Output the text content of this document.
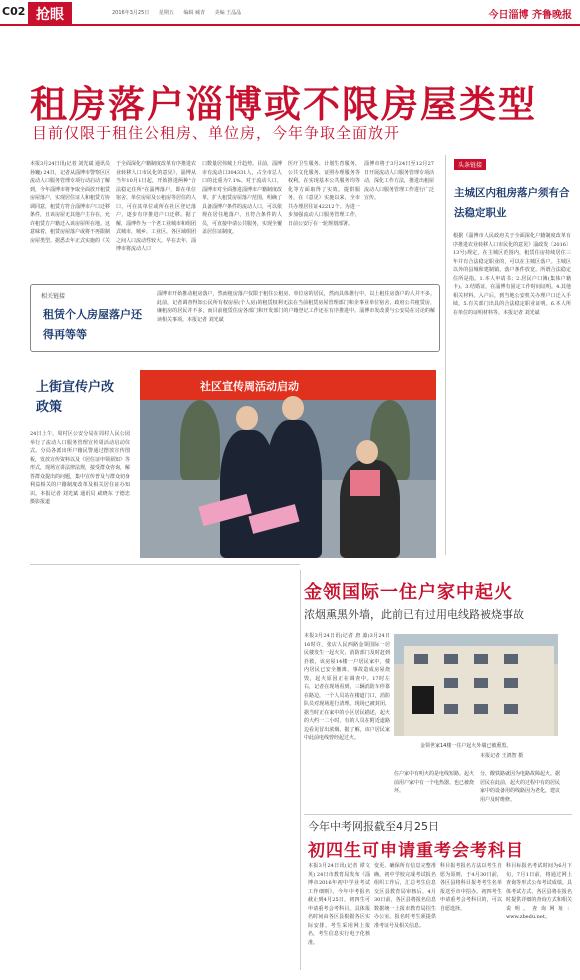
C02 抢眼	2016年3月25日 星期五 编辑 臧青 美编 王晶晶	今日淄博 齐鲁晚报
租房落户淄博或不限房屋类型
目前仅限于租住公租房、单位房，今年争取全面放开
本报3月24日讯(记者 刘光斌 通讯员 孙巍) 24日，记者从淄博市警察区区流动人口服务管理专项行动启动了解到，今年淄博市将争取全面放开租赁房屋落户，实现居住证人和租赁方协调同意，租赁方符合淄博市户口迁移条件，且该房屋无其他户主存在，允许租赁方户籍迁入该房屋所在地。这意味着，租赁房屋落户或将不再限制房屋类型。据悉去年正式实施的《关
于全面深化户籍制度改革有序推进农业转移人口市民化的意见》，淄博从当年10月1日起，开始推进两种"合法稳定住所"在淄博落户，即在单位宿舍、单位房屋及公租房等居住的人口，可在其单位或所在社区登记落户，逐步有序推进户口迁移。据了解，淄博作为一个老工业城市和组团式城市，城乡、工业区、各区域组团之间人口流动性较大。早在去年，淄博市将流动人口
口数量居伟城上升趋势。目前，淄博市有流动口304331人，占全市总人口的比重为7.1%。对于流动人口，淄博市对全面推进淄博市户籍制度改革，扩大租赁房屋落户范围，明确了具备淄博户条件的流动人口，可以依规在居住地落户。且符合条件的人员，可直接申请公共服务，实现全覆盖居住证制度。
医疗卫生服务、计划生育服务、公共文化服务、证照办理服务等权利。在实现基本公共服务均等化等方面取得了实效。提供服务，在《意见》实施以来，全市共办理居住证42212个。为进一步加强流动人口服务管理工作，日前公安厅在一轮规划部署。
淄博市将于3月24日至12月27日开展流动人口服务管理专项活动，深化工作方法，推进出租屋流动人口服务管理工作进行广泛宣传。
头条链接
主城区内租房落户须有合法稳定职业
根据《淄博市人民政府关于全面深化户籍制度改革有序推进农业转移人口市民化的意见》淄政发〔2016〕13号)规定，在主城区范围内，租赁住房持续居住三年并有合法稳定职业的，可以在主城区落户。主城区以外的县城和建制镇，落户条件放宽。所谓合法稳定住所是指。1.本人申请书；2.居民户口簿(集体户籍卡)。3.结婚证，在淄博有固定工作时间证明。4.其他相关材料。入户后，到当地公安机关办理户口迁入手续。5.有关部门出具的合法稳定职业证明。6.本人所在单位的证明材料等。本报记者 刘光斌
相关链接
租赁个人房屋落户还得再等等
淄博市开始推动租房落户，然而租房落户仅限于租住公租房、单位房的居民，然而具体推行中，以上租住房落户的人并不多。此前，记者调查得知公民所有权房屋(个人房)的租赁权利无法在当前租赁房屋管理部门和企事业单位宿舍，政府公共租赁房，廉租房的居民并不多，而目前租赁住房各部门和开发部门的户籍登记工作还在有序推进中。淄博市发改委与公安局在讨论的解读相关事项。本报记者 刘光斌
上街宣传户改政策
24日上午，周村区公安分局在周村人民公园举行了流动人口服务管理宣传周活动启动仪式。分局各派出所户籍民警通过摆放宣传图板，发放宣传资料以及《居住证申领须知》等形式，现场宣讲法律法规，接受群众咨询，解答群众提出的问题，集中宣传普及与群众切身利益相关的户籍制度改革及相关居住证办知识。本报记者 刘光斌 通讯员 咸晓东 于德忠 摄影报道
社区宣传周活动启动
金领国际一住户家中起火
浓烟熏黑外墙，此前已有过用电线路被烧事故
本报3月24日讯(记者 唐 凛)3月24日16时许，张店人民西路金领国际一居民楼发生一起火灾，消防部门及时赶到扑救，该房屋14楼一户居民家中，楼内居民已安全撤离，事故造成房屋烧毁，起火原因正在调查中。17时左右，记者在现场看到，三辆消防车停靠在路边，一个人员站在楼道门口，消防队员对现场进行清理。现场已被封闭，据当时正在家中的小区居民描述，起火的大约一二小时，有的人员在附近道路边看见冒出浓烟。据了解，该户居民家中此前电线曾经起过火。
金领世家14楼一住户起火外墙已被熏黑。
本报记者 王鸿智 摄
住户家中有明火的是电线短路。起火前用户家中有一个电热器。也已被烧坏。
分，酸铁路就因为电路故障起火。据居民在此前，起火的过程中有的居民家中的设备用的线路因为老化，建议用户及时维修。
今年中考网报截至4月25日
初四生可申请重考会考科目
本报3月24日讯(记者 谭文英) 24日市教育局发布《淄博市2016年初中学业考试工作细则》。今年中考报名截止到4月25日，初四生可申请重考会考科目。具体报名时间由各区县根据各区实际安排。考生采用网上报名，考生信息实行电子化核准。
变更，确保所有信息完整准确。初中学校完成考试报名组织工作后，汇总考生信息交区县教育局审核后，4月30日前，各区县将报名信息数据统一上报市教育局招生办公室。报名时考生须提供准考证号及相关信息。
科目报考报名方法以考生自愿为原则，于4月30日前，各区县将科目报考考生名单报送至市中招办。初四考生申请重考会考科目的，可以自愿选择。
科目标报名考试时间为6月下旬，7月1日前，将通过网上查询等形式公布考试成绩。具体考试方式，各区县将在报名时提供详细的查询方式和相关说明。查询网址：www.zbedu.net。
